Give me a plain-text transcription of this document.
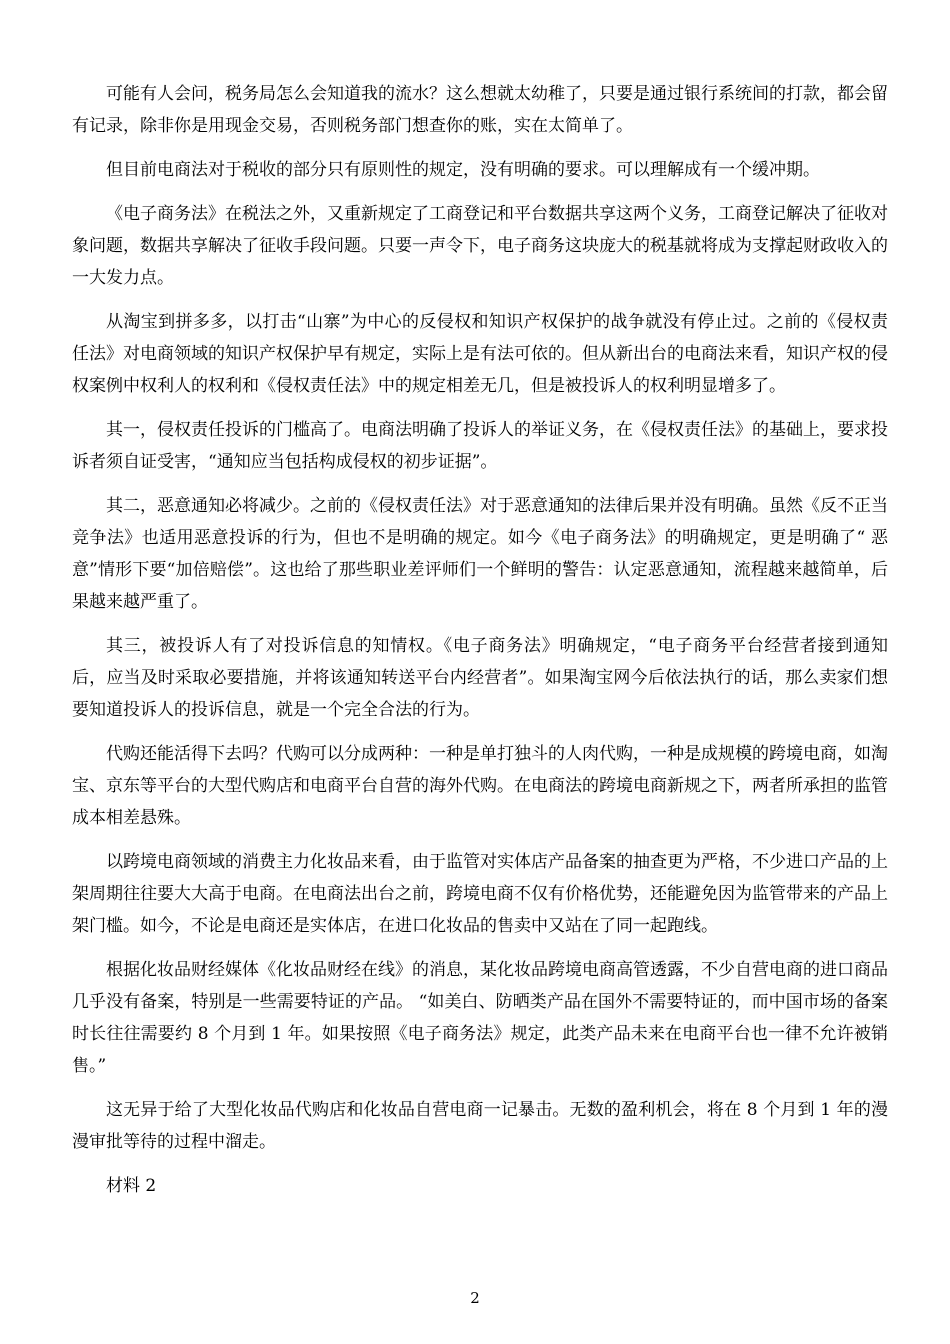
可能有人会问，税务局怎么会知道我的流水？这么想就太幼稚了，只要是通过银行系统间的打款，都会留有记录，除非你是用现金交易，否则税务部门想查你的账，实在太简单了。

但目前电商法对于税收的部分只有原则性的规定，没有明确的要求。可以理解成有一个缓冲期。

《电子商务法》在税法之外，又重新规定了工商登记和平台数据共享这两个义务，工商登记解决了征收对象问题，数据共享解决了征收手段问题。只要一声令下，电子商务这块庞大的税基就将成为支撑起财政收入的一大发力点。

从淘宝到拼多多，以打击“山寨”为中心的反侵权和知识产权保护的战争就没有停止过。之前的《侵权责任法》对电商领域的知识产权保护早有规定，实际上是有法可依的。但从新出台的电商法来看，知识产权的侵权案例中权利人的权利和《侵权责任法》中的规定相差无几，但是被投诉人的权利明显增多了。

其一，侵权责任投诉的门槛高了。电商法明确了投诉人的举证义务，在《侵权责任法》的基础上，要求投诉者须自证受害，“通知应当包括构成侵权的初步证据”。

其二，恶意通知必将减少。之前的《侵权责任法》对于恶意通知的法律后果并没有明确。虽然《反不正当竞争法》也适用恶意投诉的行为，但也不是明确的规定。如今《电子商务法》的明确规定，更是明确了“ 恶意”情形下要“加倍赔偿”。这也给了那些职业差评师们一个鲜明的警告：认定恶意通知，流程越来越简单，后果越来越严重了。

其三，被投诉人有了对投诉信息的知情权。《电子商务法》明确规定，“电子商务平台经营者接到通知后，应当及时采取必要措施，并将该通知转送平台内经营者”。如果淘宝网今后依法执行的话，那么卖家们想要知道投诉人的投诉信息，就是一个完全合法的行为。

代购还能活得下去吗？代购可以分成两种：一种是单打独斗的人肉代购，一种是成规模的跨境电商，如淘宝、京东等平台的大型代购店和电商平台自营的海外代购。在电商法的跨境电商新规之下，两者所承担的监管成本相差悬殊。

以跨境电商领域的消费主力化妆品来看，由于监管对实体店产品备案的抽查更为严格，不少进口产品的上架周期往往要大大高于电商。在电商法出台之前，跨境电商不仅有价格优势，还能避免因为监管带来的产品上架门槛。如今，不论是电商还是实体店，在进口化妆品的售卖中又站在了同一起跑线。

根据化妆品财经媒体《化妆品财经在线》的消息，某化妆品跨境电商高管透露，不少自营电商的进口商品几乎没有备案，特别是一些需要特证的产品。 “如美白、防晒类产品在国外不需要特证的，而中国市场的备案时长往往需要约 8 个月到 1 年。如果按照《电子商务法》规定，此类产品未来在电商平台也一律不允许被销售。”

这无异于给了大型化妆品代购店和化妆品自营电商一记暴击。无数的盈利机会，将在 8 个月到 1 年的漫漫审批等待的过程中溜走。

材料 2

2
